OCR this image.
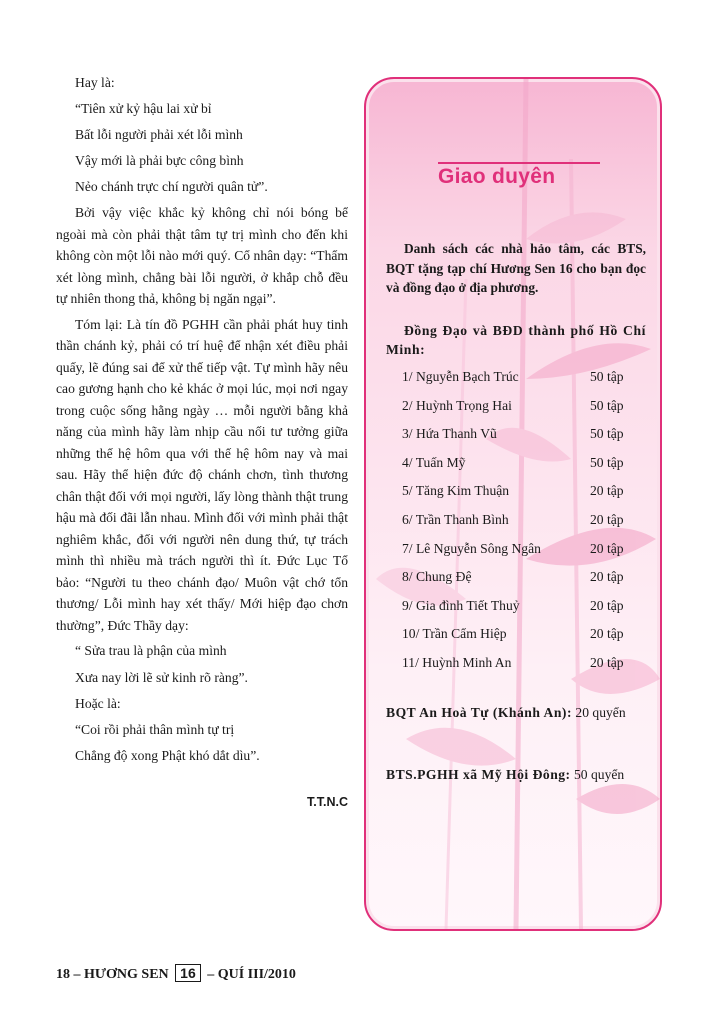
Hay là:

“Tiên xử kỷ hậu lai xử bỉ

Bất lỗi người phải xét lỗi mình

Vậy mới là phải bực công bình

Nẻo chánh trực chí người quân tử”.

Bởi vậy việc khắc kỷ không chỉ nói bóng bể ngoài mà còn phải thật tâm tự trị mình cho đến khi không còn một lỗi nào mới quý. Cổ nhân dạy: “Thẩm xét lòng mình, chẳng bài lỗi người, ở khắp chỗ đều tự nhiên thong thả, không bị ngăn ngại”.

Tóm lại: Là tín đồ PGHH cần phải phát huy tinh thần chánh kỷ, phải có trí huệ để nhận xét điều phải quấy, lẽ đúng sai để xử thế tiếp vật. Tự mình hãy nêu cao gương hạnh cho kẻ khác ở mọi lúc, mọi nơi ngay trong cuộc sống hằng ngày … mỗi người bằng khả năng của mình hãy làm nhịp cầu nối tư tưởng giữa những thế hệ hôm qua với thế hệ hôm nay và mai sau. Hãy thể hiện đức độ chánh chơn, tình thương chân thật đối với mọi người, lấy lòng thành thật trung hậu mà đối đãi lẫn nhau. Mình đối với mình phải thật nghiêm khắc, đối với người nên dung thứ, tự trách mình thì nhiều mà trách người thì ít. Đức Lục Tổ bảo: “Người tu theo chánh đạo/ Muôn vật chớ tổn thương/ Lỗi mình hay xét thấy/ Mới hiệp đạo chơn thường”, Đức Thầy dạy:

“ Sửa trau là phận của mình

Xưa nay lời lẽ sử kinh rõ ràng”.

Hoặc là:

“Coi rồi phải thân mình tự trị

Chẳng độ xong Phật khó dắt dìu”.

T.T.N.C

Giao duyên

Danh sách các nhà hảo tâm, các BTS, BQT tặng tạp chí Hương Sen 16 cho bạn đọc và đồng đạo ở địa phương.

Đồng Đạo và BĐD thành phố Hồ Chí Minh:

1/ Nguyễn Bạch Trúc	50 tập
2/ Huỳnh Trọng Hai	50 tập
3/ Hứa Thanh Vũ	50 tập
4/ Tuấn Mỹ	50 tập
5/ Tăng Kim Thuận	20 tập
6/ Trần Thanh Bình	20 tập
7/ Lê Nguyễn Sông Ngân	20 tập
8/ Chung Đệ	20 tập
9/ Gia đình Tiết Thuỷ	20 tập
10/ Trần Cẩm Hiệp	20 tập
11/ Huỳnh Minh An	20 tập

BQT An Hoà Tự (Khánh An): 20 quyển

BTS.PGHH xã Mỹ Hội Đông: 50 quyển

18 – HƯƠNG SEN 16 – QUÍ III/2010
